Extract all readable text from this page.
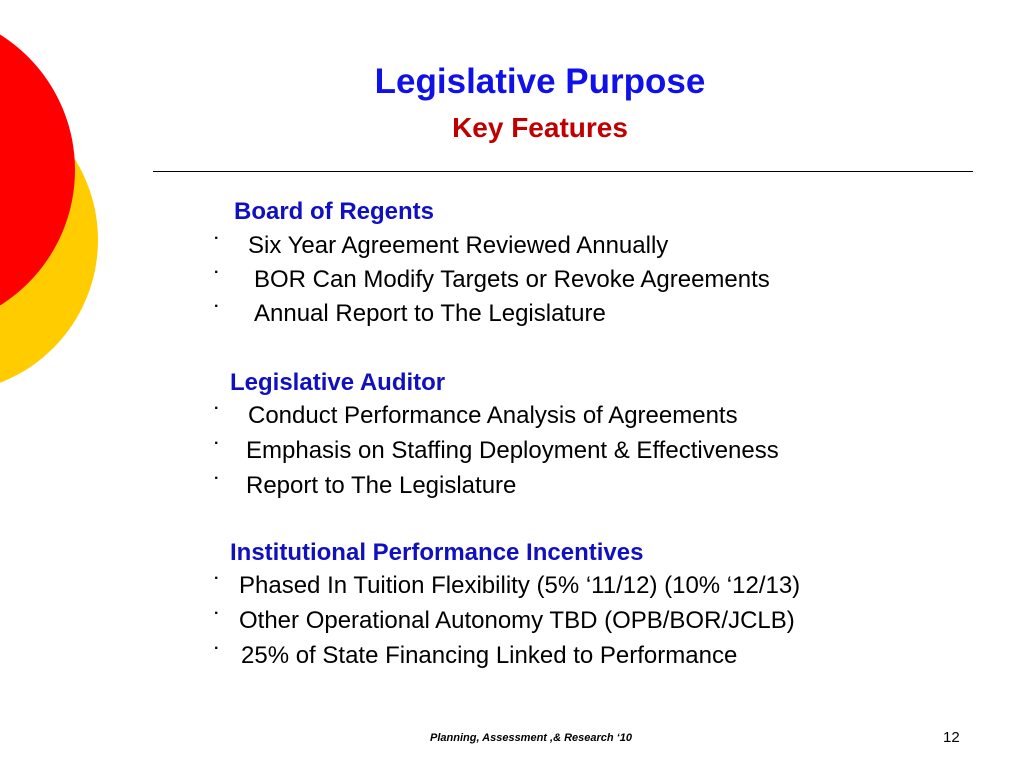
Legislative Purpose
Key Features
Board of Regents
· Six Year Agreement Reviewed Annually
· BOR Can Modify Targets or Revoke Agreements
· Annual Report to The Legislature
Legislative Auditor
· Conduct Performance Analysis of Agreements
· Emphasis on Staffing Deployment & Effectiveness
· Report to The Legislature
Institutional Performance Incentives
· Phased In Tuition Flexibility (5% ‘11/12) (10% ‘12/13)
· Other Operational Autonomy TBD (OPB/BOR/JCLB)
· 25% of State Financing Linked to Performance
Planning, Assessment ,& Research ‘10	12
